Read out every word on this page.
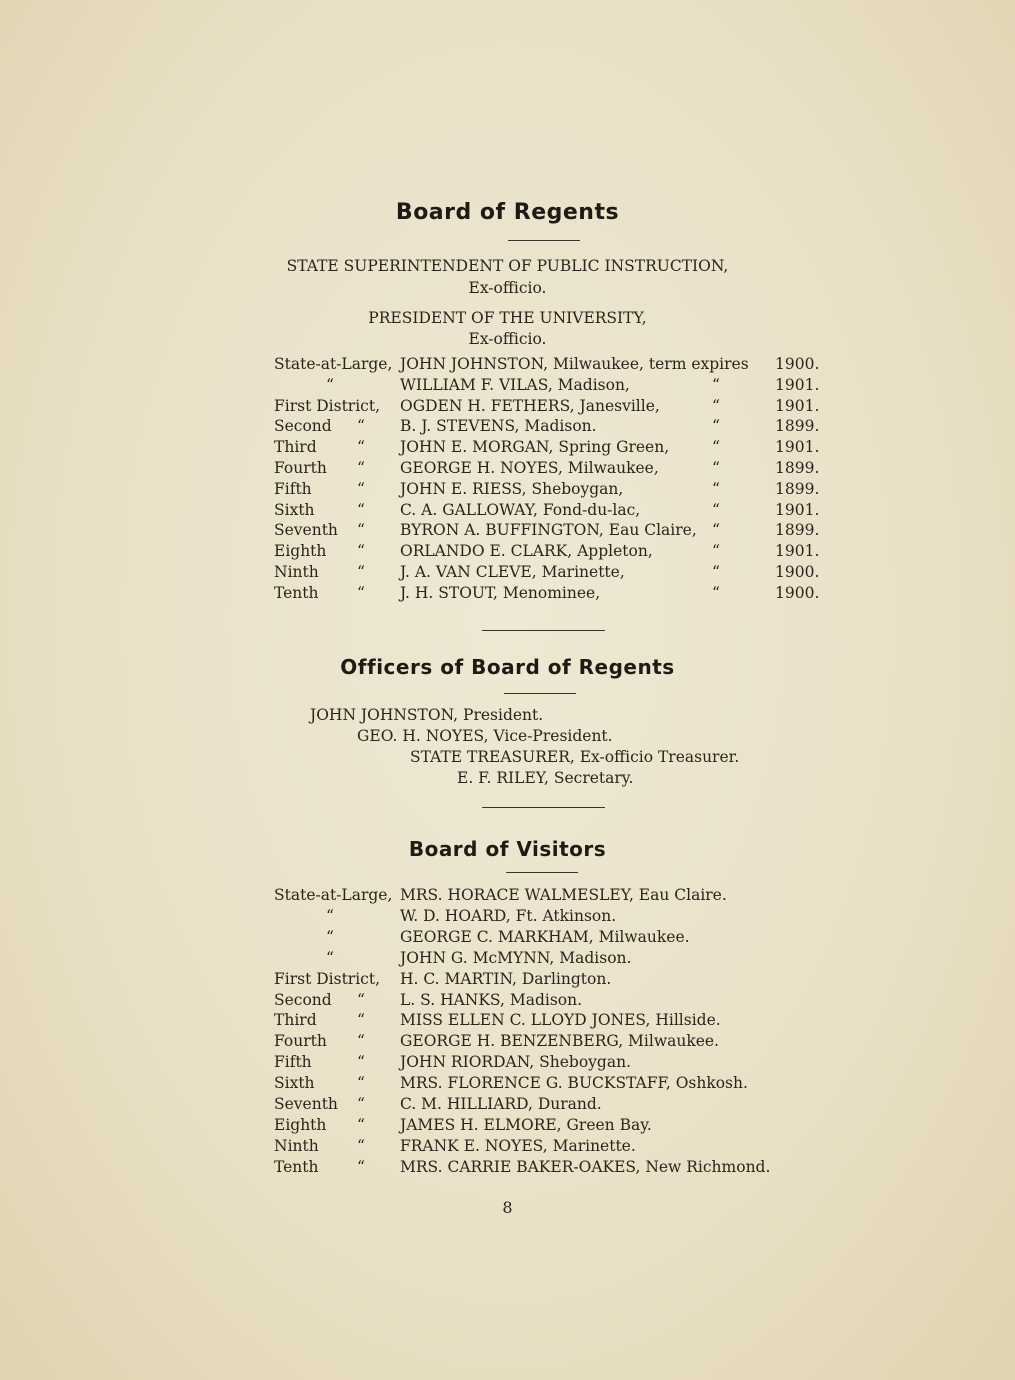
Board of Regents
STATE SUPERINTENDENT OF PUBLIC INSTRUCTION,
Ex-officio.
PRESIDENT OF THE UNIVERSITY,
Ex-officio.
State-at-Large, JOHN JOHNSTON, Milwaukee, term expires 1900.
“	WILLIAM F. VILAS, Madison,	“	1901.
First District, OGDEN H. FETHERS, Janesville,	“	1901.
Second “ B. J. STEVENS, Madison.	“	1899.
Third	“ JOHN E. MORGAN, Spring Green,	“	1901.
Fourth “ GEORGE H. NOYES, Milwaukee,	“	1899.
Fifth	“ JOHN E. RIESS, Sheboygan,	“	1899.
Sixth	“ C. A. GALLOWAY, Fond-du-lac,	“	1901.
Seventh “ BYRON A. BUFFINGTON, Eau Claire, “	1899.
Eighth “ ORLANDO E. CLARK, Appleton,	“	1901.
Ninth “ J. A. VAN CLEVE, Marinette,	“	1900.
Tenth “ J. H. STOUT, Menominee,	“	1900.
Officers of Board of Regents
JOHN JOHNSTON, President.
GEO. H. NOYES, Vice-President.
STATE TREASURER, Ex-officio Treasurer.
E. F. RILEY, Secretary.
Board of Visitors
State-at-Large, MRS. HORACE WALMESLEY, Eau Claire.
“	W. D. HOARD, Ft. Atkinson.
“	GEORGE C. MARKHAM, Milwaukee.
“	JOHN G. McMYNN, Madison.
First District, H. C. MARTIN, Darlington.
Second “ L. S. HANKS, Madison.
Third	“ MISS ELLEN C. LLOYD JONES, Hillside.
Fourth “ GEORGE H. BENZENBERG, Milwaukee.
Fifth	“ JOHN RIORDAN, Sheboygan.
Sixth	“ MRS. FLORENCE G. BUCKSTAFF, Oshkosh.
Seventh “ C. M. HILLIARD, Durand.
Eighth “ JAMES H. ELMORE, Green Bay.
Ninth “ FRANK E. NOYES, Marinette.
Tenth “ MRS. CARRIE BAKER-OAKES, New Richmond.
8
